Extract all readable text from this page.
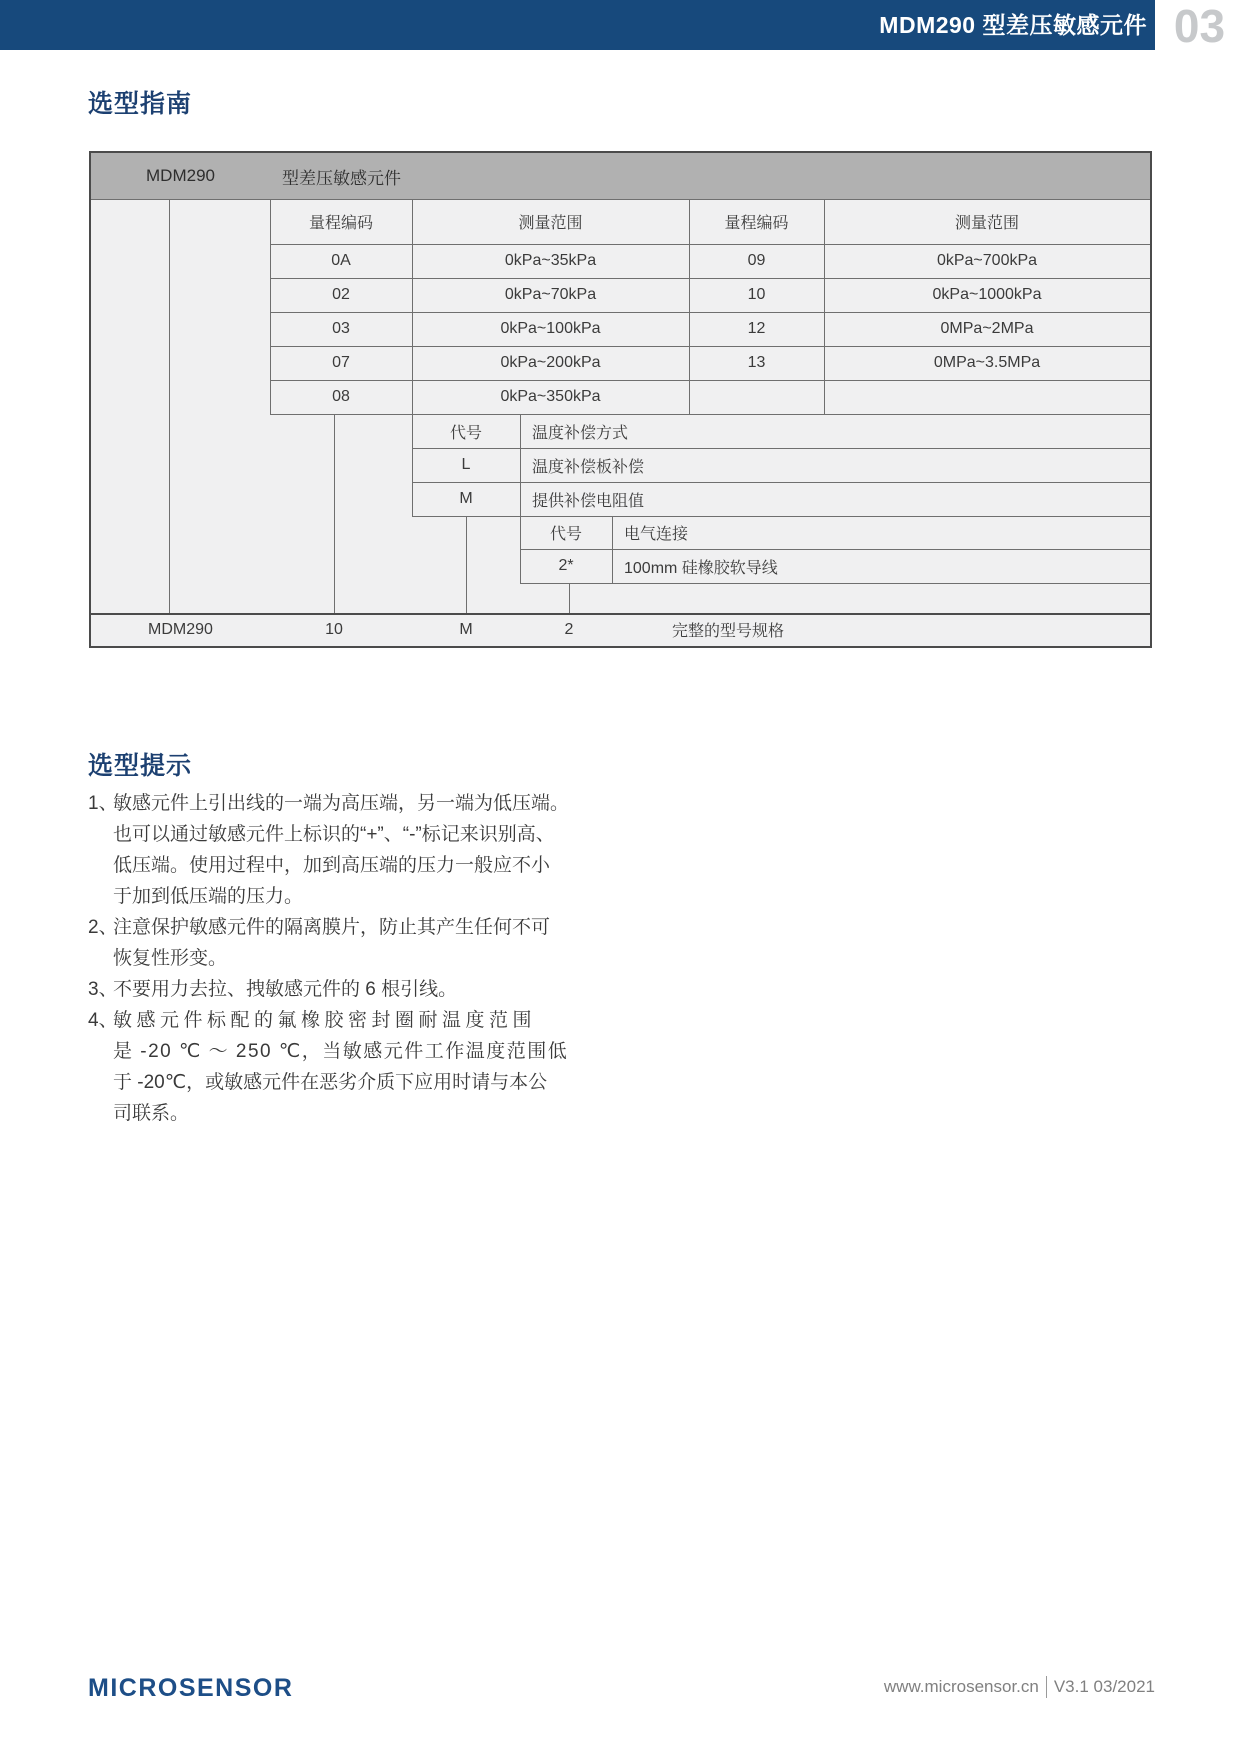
MDM290 型差压敏感元件 03
选型指南
MDM290	型差压敏感元件
量程编码	测量范围	量程编码	测量范围
0A	0kPa~35kPa	09	0kPa~700kPa
02	0kPa~70kPa	10	0kPa~1000kPa
03	0kPa~100kPa	12	0MPa~2MPa
07	0kPa~200kPa	13	0MPa~3.5MPa
08	0kPa~350kPa
代号	温度补偿方式
L	温度补偿板补偿
M	提供补偿电阻值
代号	电气连接
2*	100mm 硅橡胶软导线
MDM290	10	M	2	完整的型号规格
选型提示
1、
敏感元件上引出线的一端为高压端，另一端为低压端。
也可以通过敏感元件上标识的“+”、“-”标记来识别高、
低压端。使用过程中，加到高压端的压力一般应不小
于加到低压端的压力。
2、
注意保护敏感元件的隔离膜片，防止其产生任何不可
恢复性形变。
3、
不要用力去拉、拽敏感元件的 6 根引线。
4、
敏感元件标配的氟橡胶密封圈耐温度范围
是 -20 ℃ ～ 250 ℃，当敏感元件工作温度范围低
于 -20℃，或敏感元件在恶劣介质下应用时请与本公
司联系。
MICROSENSOR	www.microsensor.cn V3.1 03/2021
